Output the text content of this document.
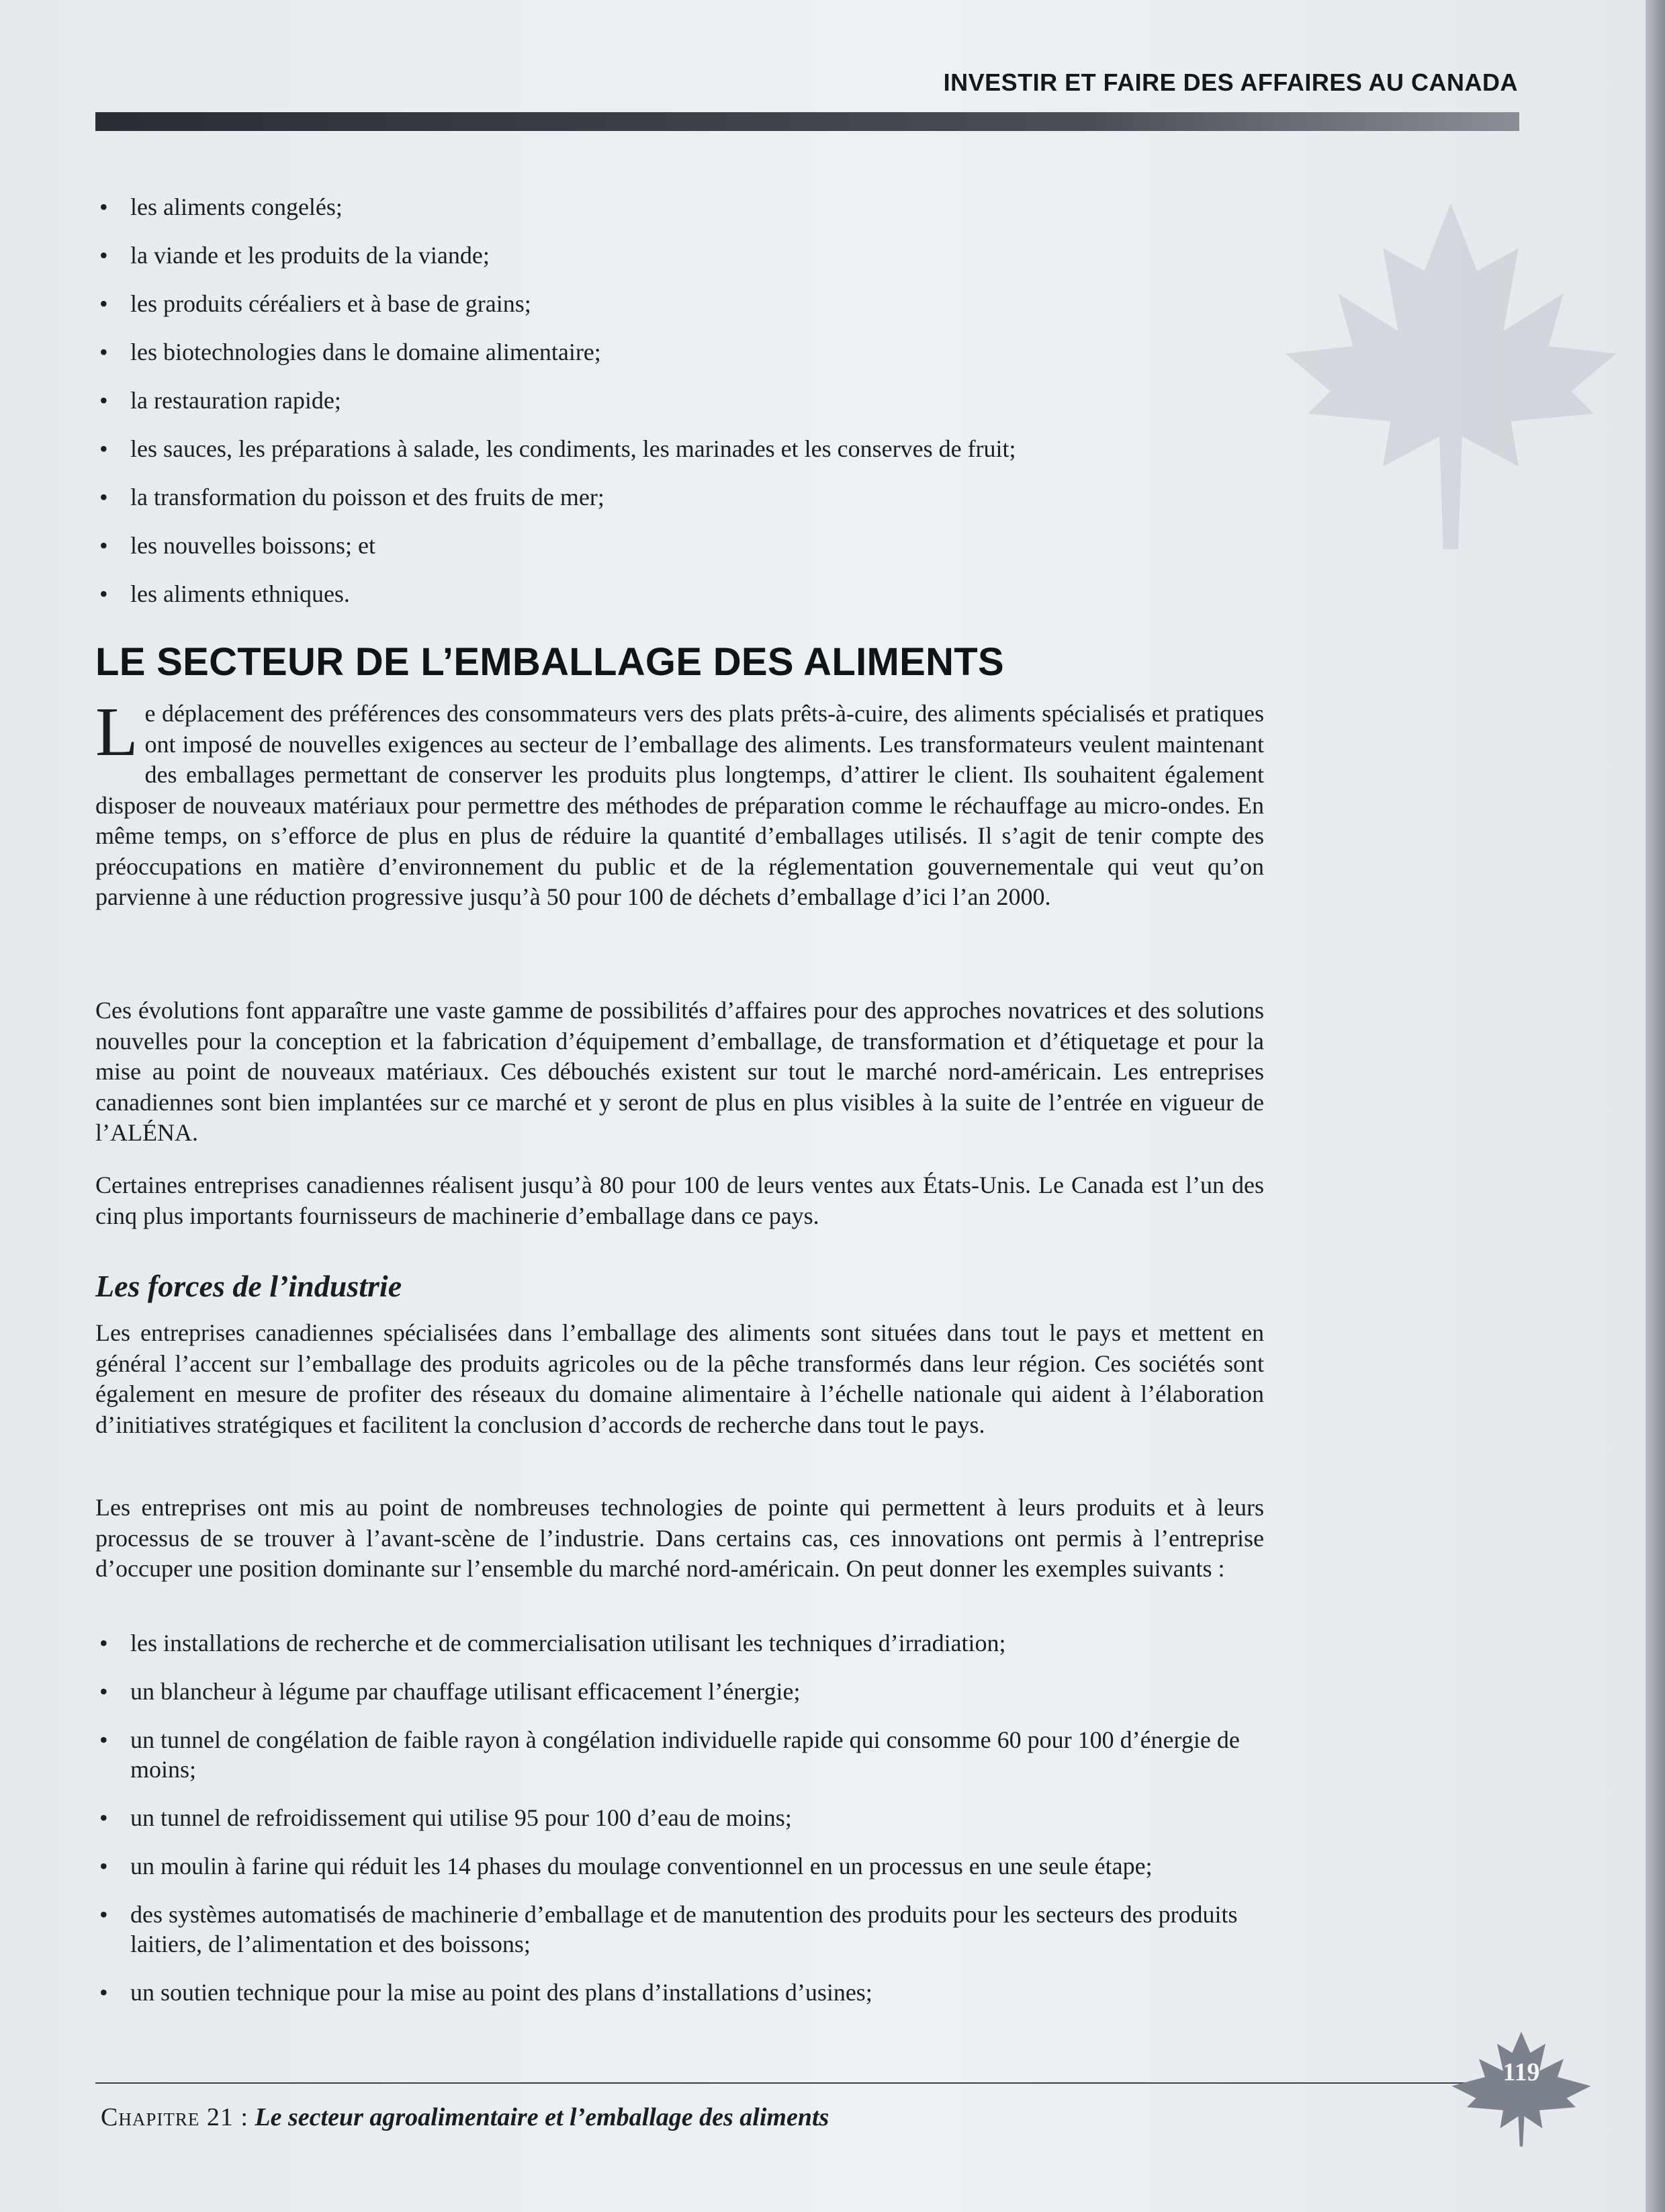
INVESTIR ET FAIRE DES AFFAIRES AU CANADA
• les aliments congelés;
• la viande et les produits de la viande;
• les produits céréaliers et à base de grains;
• les biotechnologies dans le domaine alimentaire;
• la restauration rapide;
• les sauces, les préparations à salade, les condiments, les marinades et les conserves de fruit;
• la transformation du poisson et des fruits de mer;
• les nouvelles boissons; et
• les aliments ethniques.
LE SECTEUR DE L’EMBALLAGE DES ALIMENTS

Le déplacement des préférences des consommateurs vers des plats prêts-à-cuire, des aliments spécialisés et pratiques ont imposé de nouvelles exigences au secteur de l’emballage des aliments. Les transformateurs veulent maintenant des emballages permettant de conserver les produits plus longtemps, d’attirer le client. Ils souhaitent également disposer de nouveaux matériaux pour permettre des méthodes de préparation comme le réchauffage au micro-ondes. En même temps, on s’efforce de plus en plus de réduire la quantité d’emballages utilisés. Il s’agit de tenir compte des préoccupations en matière d’environnement du public et de la réglementation gouvernementale qui veut qu’on parvienne à une réduction progressive jusqu’à 50 pour 100 de déchets d’emballage d’ici l’an 2000.

Ces évolutions font apparaître une vaste gamme de possibilités d’affaires pour des approches novatrices et des solutions nouvelles pour la conception et la fabrication d’équipement d’emballage, de transformation et d’étiquetage et pour la mise au point de nouveaux matériaux. Ces débouchés existent sur tout le marché nord-américain. Les entreprises canadiennes sont bien implantées sur ce marché et y seront de plus en plus visibles à la suite de l’entrée en vigueur de l’ALÉNA.

Certaines entreprises canadiennes réalisent jusqu’à 80 pour 100 de leurs ventes aux États-Unis. Le Canada est l’un des cinq plus importants fournisseurs de machinerie d’emballage dans ce pays.

Les forces de l’industrie

Les entreprises canadiennes spécialisées dans l’emballage des aliments sont situées dans tout le pays et mettent en général l’accent sur l’emballage des produits agricoles ou de la pêche transformés dans leur région. Ces sociétés sont également en mesure de profiter des réseaux du domaine alimentaire à l’échelle nationale qui aident à l’élaboration d’initiatives stratégiques et facilitent la conclusion d’accords de recherche dans tout le pays.

Les entreprises ont mis au point de nombreuses technologies de pointe qui permettent à leurs produits et à leurs processus de se trouver à l’avant-scène de l’industrie. Dans certains cas, ces innovations ont permis à l’entreprise d’occuper une position dominante sur l’ensemble du marché nord-américain. On peut donner les exemples suivants :

• les installations de recherche et de commercialisation utilisant les techniques d’irradiation;
• un blancheur à légume par chauffage utilisant efficacement l’énergie;
• un tunnel de congélation de faible rayon à congélation individuelle rapide qui consomme 60 pour 100 d’énergie de moins;
• un tunnel de refroidissement qui utilise 95 pour 100 d’eau de moins;
• un moulin à farine qui réduit les 14 phases du moulage conventionnel en un processus en une seule étape;
• des systèmes automatisés de machinerie d’emballage et de manutention des produits pour les secteurs des produits laitiers, de l’alimentation et des boissons;
• un soutien technique pour la mise au point des plans d’installations d’usines;
Chapitre 21 : Le secteur agroalimentaire et l’emballage des aliments
119
